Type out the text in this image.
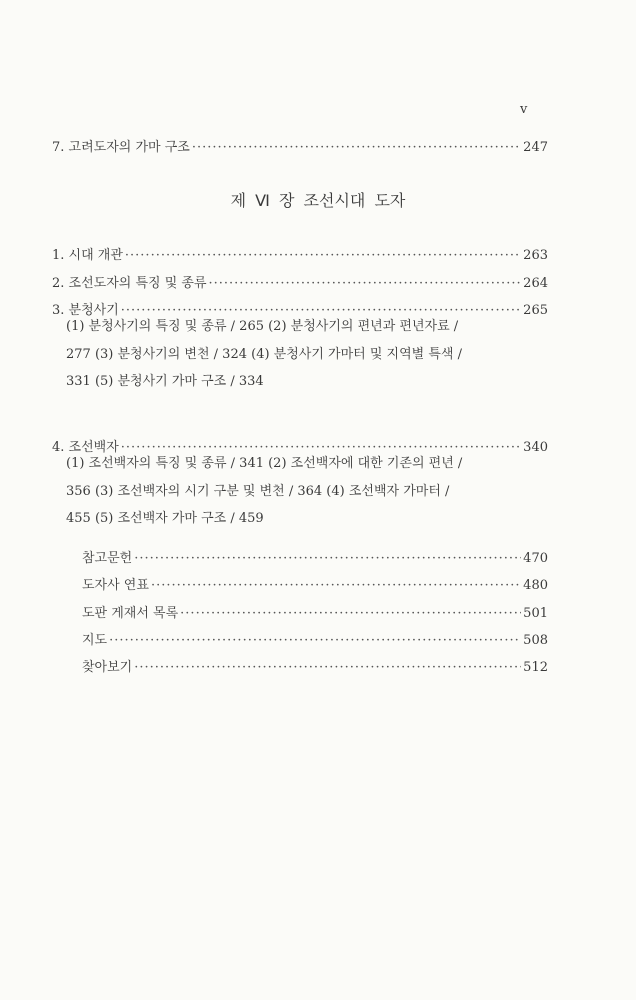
v
7. 고려도자의 가마 구조 ·····	247
제 Ⅵ 장 조선시대 도자
1. 시대 개관 ·····	263
2. 조선도자의 특징 및 종류 ·····	264
3. 분청사기 ·····	265
(1) 분청사기의 특징 및 종류 / 265 (2) 분청사기의 편년과 편년자료 /
277 (3) 분청사기의 변천 / 324 (4) 분청사기 가마터 및 지역별 특색 /
331 (5) 분청사기 가마 구조 / 334
4. 조선백자 ·····	340
(1) 조선백자의 특징 및 종류 / 341 (2) 조선백자에 대한 기존의 편년 /
356 (3) 조선백자의 시기 구분 및 변천 / 364 (4) 조선백자 가마터 /
455 (5) 조선백자 가마 구조 / 459
참고문헌 ·····	470
도자사 연표 ·····	480
도판 게재서 목록 ·····	501
지도 ·····	508
찾아보기 ·····	512
